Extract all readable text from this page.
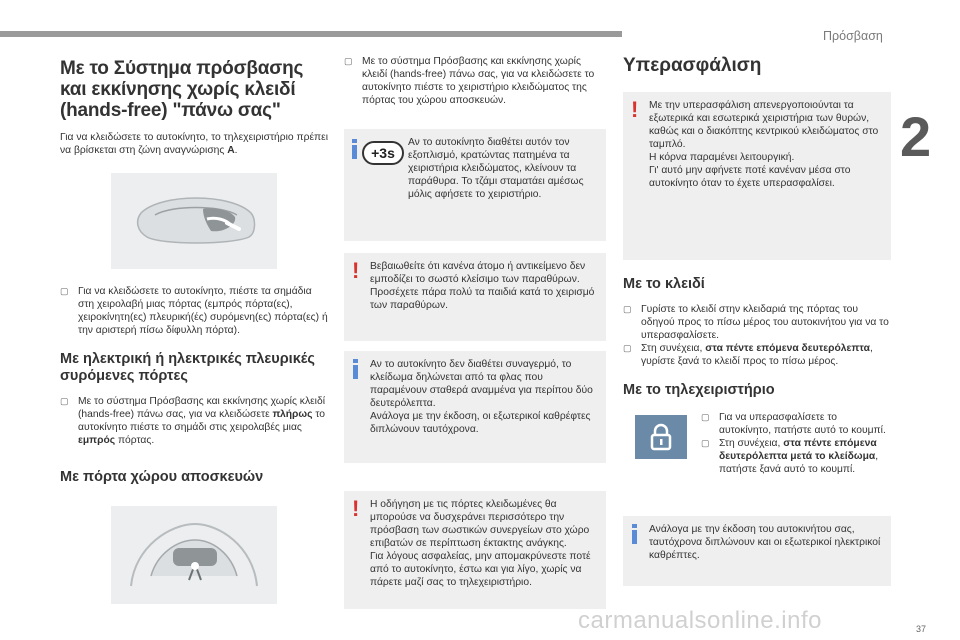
Πρόσβαση
2
Με το Σύστημα πρόσβασης και εκκίνησης χωρίς κλειδί (hands-free) "πάνω σας"

Για να κλειδώσετε το αυτοκίνητο, το τηλεχειριστήριο πρέπει να βρίσκεται στη ζώνη αναγνώρισης A.

▢ Για να κλειδώσετε το αυτοκίνητο, πιέστε τα σημάδια στη χειρολαβή μιας πόρτας (εμπρός πόρτα(ες), χειροκίνητη(ες) πλευρική(ές) συρόμενη(ες) πόρτα(ες) ή την αριστερή πίσω δίφυλλη πόρτα).
Με ηλεκτρική ή ηλεκτρικές πλευρικές συρόμενες πόρτες
▢ Με το σύστημα Πρόσβασης και εκκίνησης χωρίς κλειδί (hands-free) πάνω σας, για να κλειδώσετε πλήρως το αυτοκίνητο πιέστε το σημάδι στις χειρολαβές μιας εμπρός πόρτας.
Με πόρτα χώρου αποσκευών
▢ Με το σύστημα Πρόσβασης και εκκίνησης χωρίς κλειδί (hands-free) πάνω σας, για να κλειδώσετε το αυτοκίνητο πιέστε το χειριστήριο κλειδώματος της πόρτας του χώρου αποσκευών.
+3s

Αν το αυτοκίνητο διαθέτει αυτόν τον εξοπλισμό, κρατώντας πατημένα τα χειριστήρια κλειδώματος, κλείνουν τα παράθυρα. Το τζάμι σταματάει αμέσως μόλις αφήσετε το χειριστήριο.

! Βεβαιωθείτε ότι κανένα άτομο ή αντικείμενο δεν εμποδίζει το σωστό κλείσιμο των παραθύρων.
Προσέχετε πάρα πολύ τα παιδιά κατά το χειρισμό των παραθύρων.

Αν το αυτοκίνητο δεν διαθέτει συναγερμό, το κλείδωμα δηλώνεται από τα φλας που παραμένουν σταθερά αναμμένα για περίπου δύο δευτερόλεπτα.
Ανάλογα με την έκδοση, οι εξωτερικοί καθρέφτες διπλώνουν ταυτόχρονα.

! Η οδήγηση με τις πόρτες κλειδωμένες θα μπορούσε να δυσχεράνει περισσότερο την πρόσβαση των σωστικών συνεργείων στο χώρο επιβατών σε περίπτωση έκτακτης ανάγκης.
Για λόγους ασφαλείας, μην απομακρύνεστε ποτέ από το αυτοκίνητο, έστω και για λίγο, χωρίς να πάρετε μαζί σας το τηλεχειριστήριο.

Υπερασφάλιση
! Με την υπερασφάλιση απενεργοποιούνται τα εξωτερικά και εσωτερικά χειριστήρια των θυρών, καθώς και ο διακόπτης κεντρικού κλειδώματος στο ταμπλό.
Η κόρνα παραμένει λειτουργική.
Γι' αυτό μην αφήνετε ποτέ κανέναν μέσα στο αυτοκίνητο όταν το έχετε υπερασφαλίσει.

Με το κλειδί
▢ Γυρίστε το κλειδί στην κλειδαριά της πόρτας του οδηγού προς το πίσω μέρος του αυτοκινήτου για να το υπερασφαλίσετε.
▢ Στη συνέχεια, στα πέντε επόμενα δευτερόλεπτα, γυρίστε ξανά το κλειδί προς το πίσω μέρος.
Με το τηλεχειριστήριο
▢ Για να υπερασφαλίσετε το αυτοκίνητο, πατήστε αυτό το κουμπί.
▢ Στη συνέχεια, στα πέντε επόμενα δευτερόλεπτα μετά το κλείδωμα, πατήστε ξανά αυτό το κουμπί.

Ανάλογα με την έκδοση του αυτοκινήτου σας, ταυτόχρονα διπλώνουν και οι εξωτερικοί ηλεκτρικοί καθρέπτες.

carmanualsonline.info	37
